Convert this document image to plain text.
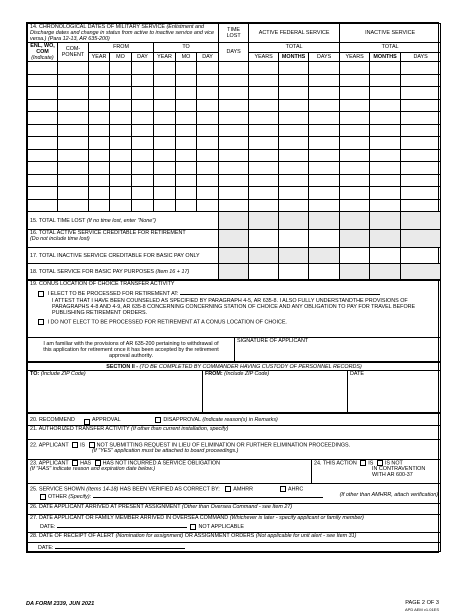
14. CHRONOLOGICAL DATES OF MILITARY SERVICE (Enlistment and Discharge dates and change in status from active to inactive service and vice versa.) (Para 12-13, AR 635-200)								TIME LOST	ACTIVE FEDERAL SERVICE			INACTIVE SERVICE		
ENL, WO, COM
(Indicate)	COM-PONENT	FROM			TO			DAYS	TOTAL			TOTAL		
		YEAR	MO	DAY	YEAR	MO	DAY		YEARS	MONTHS	DAYS	YEARS	MONTHS	DAYS

15. TOTAL TIME LOST (If no time lost, enter "None")														
16. TOTAL ACTIVE SERVICE CREDITABLE FOR RETIREMENT
(Do not include time lost)														
17. TOTAL INACTIVE SERVICE CREDITABLE FOR BASIC PAY ONLY														
18. TOTAL SERVICE FOR BASIC PAY PURPOSES (Item 16 + 17)														
19. CONUS LOCATION OF CHOICE TRANSFER ACTIVITY
I ELECT TO BE PROCESSED FOR RETIREMENT AT:
I ATTEST THAT I HAVE BEEN COUNSELED AS SPECIFIED BY PARAGRAPH 4-5, AR 635-8. I ALSO FULLY UNDERSTANDTHE PROVISIONS OF PARAGRAPHS 4-8 AND 4-9, AR 635-8 CONCERNING CONCERNING STATION OF CHOICE AND ANY OBLIGATION TO PAY FOR TRAVEL BEFORE PUBLISHING RETIREMENT ORDERS.
I DO NOT ELECT TO BE PROCESSED FOR RETIREMENT AT A CONUS LOCATION OF CHOICE.

I am familiar with the provisions of AR 635-200 pertaining to withdrawal of this application for retirement once it has been accepted by the retirement approval authority.	SIGNATURE OF APPLICANT
SECTION II - (TO BE COMPLETED BY COMMANDER HAVING CUSTODY OF PERSONNEL RECORDS)
TO: (Include ZIP Code)	FROM: (Include ZIP Code)	DATE
20. RECOMMEND	APPROVAL	DISAPPROVAL (Indicate reason(s) in Remarks)
21. AUTHORIZED TRANSFER ACTIVITY (If other than current installation, specify)

22. APPLICANT IS NOT SUBMITTING REQUEST IN LIEU OF ELIMINATION OR FURTHER ELIMINATION PROCEEDINGS.
(If "YES" application must be attached to board proceedings.)

23. APPLICANT HAS HAS NOT INCURRED A SERVICE OBLIGATION
(If "HAS" indicate reason and expiration date below.)
	24. THIS ACTION IS IS NOT
IN CONTRAVENTION WITH AR 600-37

25. SERVICE SHOWN (Items 14-18) HAS BEEN VERIFIED AS CORRECT BY:	AMHRR	AHRC
OTHER (Specify):	(If other than AMHRR, attach verification)

26. DATE APPLICANT ARRIVED AT PRESENT ASSIGNMENT (Other than Oversea Command - see Item 27)

27. DATE APPLICANT OR FAMILY MEMBER ARRIVED IN OVERSEA COMMAND (Whichever is later - specify applicant or family member)
DATE:	NOT APPLICABLE

28. DATE OF RECEIPT OF ALERT (Nomination for assignment) OR ASSIGNMENT ORDERS (Not applicable for unit alert - see Item 31)
DATE:
DA FORM 2339, JUN 2021	PAGE 2 OF 3
APD AEM v1.01ES
